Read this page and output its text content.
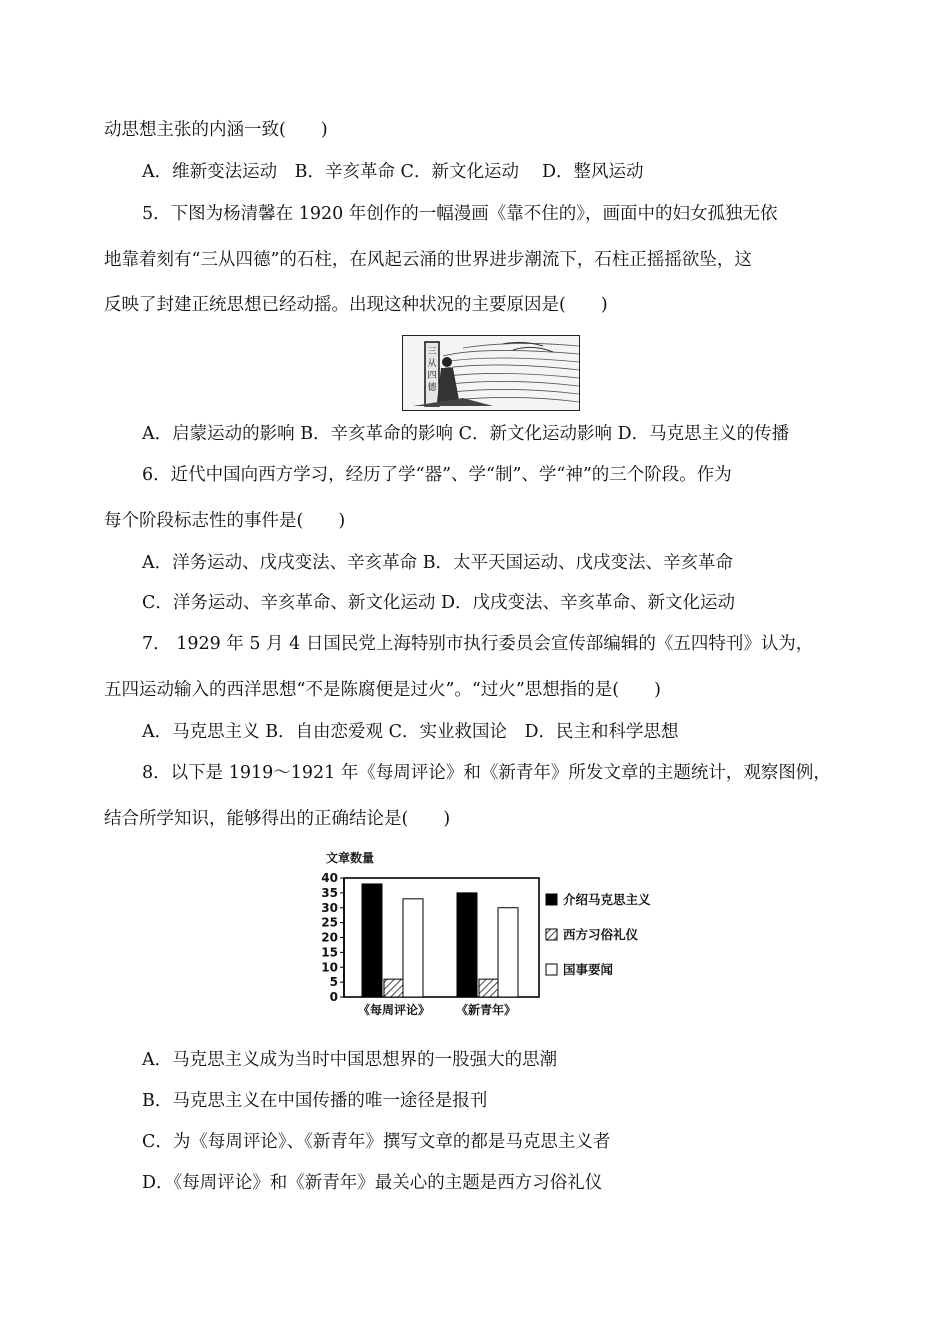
动思想主张的内涵一致(　　)
A．维新变法运动　B．辛亥革命 C．新文化运动　 D．整风运动
5．下图为杨清馨在 1920 年创作的一幅漫画《靠不住的》，画面中的妇女孤独无依
地靠着刻有“三从四德”的石柱，在风起云涌的世界进步潮流下，石柱正摇摇欲坠，这
反映了封建正统思想已经动摇。出现这种状况的主要原因是(　　)
A．启蒙运动的影响 B．辛亥革命的影响 C．新文化运动影响 D．马克思主义的传播
6．近代中国向西方学习，经历了学“器”、学“制”、学“神”的三个阶段。作为
每个阶段标志性的事件是(　　)
A．洋务运动、戊戌变法、辛亥革命 B．太平天国运动、戊戌变法、辛亥革命
C．洋务运动、辛亥革命、新文化运动 D．戊戌变法、辛亥革命、新文化运动
7． 1929 年 5 月 4 日国民党上海特别市执行委员会宣传部编辑的《五四特刊》认为，
五四运动输入的西洋思想“不是陈腐便是过火”。“过火”思想指的是(　　)
A．马克思主义 B．自由恋爱观 C．实业救国论　D．民主和科学思想
8．以下是 1919～1921 年《每周评论》和《新青年》所发文章的主题统计，观察图例，
结合所学知识，能够得出的正确结论是(　　)
A．马克思主义成为当时中国思想界的一股强大的思潮
B．马克思主义在中国传播的唯一途径是报刊
C．为《每周评论》、《新青年》撰写文章的都是马克思主义者
D．《每周评论》和《新青年》最关心的主题是西方习俗礼仪
三
从
四
德
文章数量
0
5
10
15
20
25
30
35
40
《每周评论》 《新青年》
介绍马克思主义
西方习俗礼仪
国事要闻
